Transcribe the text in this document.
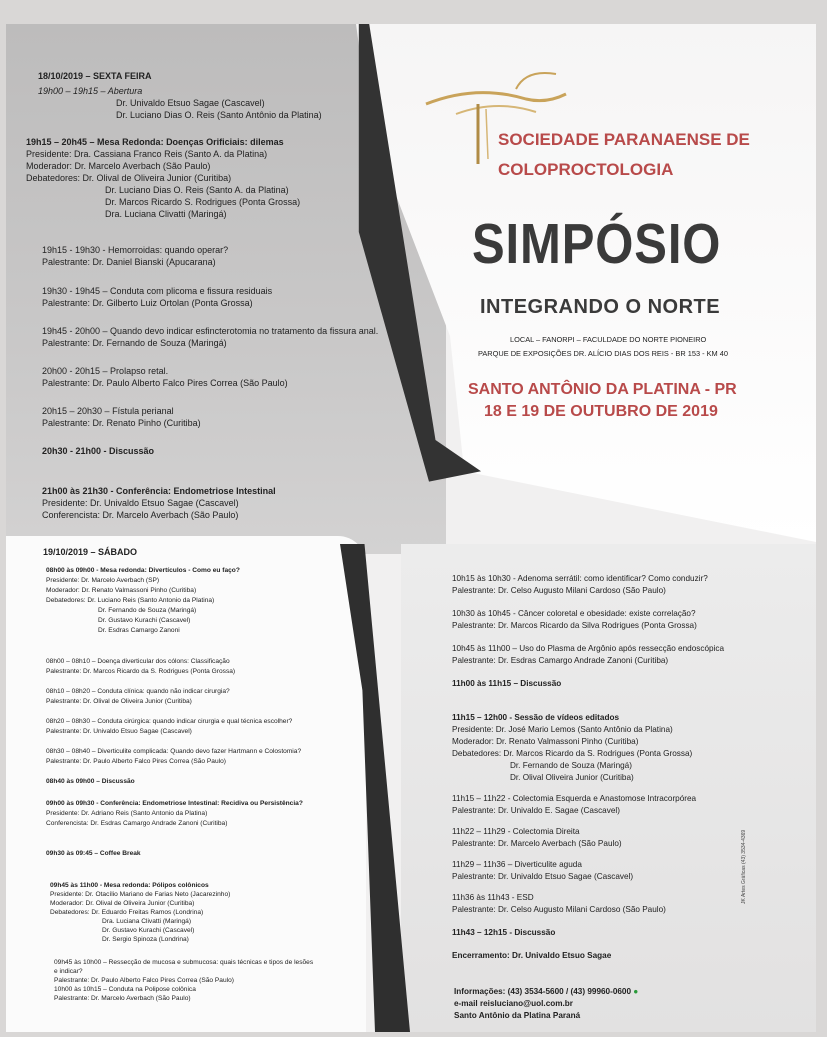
SOCIEDADE PARANAENSE DE
COLOPROCTOLOGIA
SIMPÓSIO
INTEGRANDO O NORTE
LOCAL – FANORPI – FACULDADE DO NORTE PIONEIRO
PARQUE DE EXPOSIÇÕES DR. ALÍCIO DIAS DOS REIS - BR 153 - KM 40
SANTO ANTÔNIO DA PLATINA - PR
18 E 19 DE OUTUBRO DE 2019
18/10/2019 – SEXTA FEIRA
19h00 – 19h15 – Abertura
Dr. Univaldo Etsuo Sagae (Cascavel)
Dr. Luciano Dias O. Reis (Santo Antônio da Platina)
19h15 – 20h45 – Mesa Redonda: Doenças Orificiais: dilemas
Presidente: Dra. Cassiana Franco Reis (Santo A. da Platina)
Moderador: Dr. Marcelo Averbach (São Paulo)
Debatedores: Dr. Olival de Oliveira Junior (Curitiba)
Dr. Luciano Dias O. Reis (Santo A. da Platina)
Dr. Marcos Ricardo S. Rodrigues (Ponta Grossa)
Dra. Luciana Clivatti (Maringá)
19h15 - 19h30 - Hemorroidas: quando operar?
Palestrante: Dr. Daniel Bianski (Apucarana)
19h30 - 19h45 – Conduta com plicoma e fissura residuais
Palestrante: Dr. Gilberto Luiz Ortolan (Ponta Grossa)
19h45 - 20h00 – Quando devo indicar esfincterotomia no tratamento da fissura anal.
Palestrante: Dr. Fernando de Souza (Maringá)
20h00 - 20h15 – Prolapso retal.
Palestrante: Dr. Paulo Alberto Falco Pires Correa (São Paulo)
20h15 – 20h30 – Fístula perianal
Palestrante: Dr. Renato Pinho (Curitiba)
20h30 - 21h00 - Discussão
21h00 às 21h30 - Conferência: Endometriose Intestinal
Presidente: Dr. Univaldo Etsuo Sagae (Cascavel)
Conferencista: Dr. Marcelo Averbach (São Paulo)
19/10/2019 – SÁBADO
08h00 às 09h00 - Mesa redonda: Divertículos - Como eu faço?
Presidente: Dr. Marcelo Averbach (SP)
Moderador: Dr. Renato Valmassoni Pinho (Curitiba)
Debatedores: Dr. Luciano Reis (Santo Antonio da Platina)
Dr. Fernando de Souza (Maringá)
Dr. Gustavo Kurachi (Cascavel)
Dr. Esdras Camargo Zanoni
08h00 – 08h10 – Doença diverticular dos cólons: Classificação
Palestrante: Dr. Marcos Ricardo da S. Rodrigues (Ponta Grossa)
08h10 – 08h20 – Conduta clínica: quando não indicar cirurgia?
Palestrante: Dr. Olival de Oliveira Junior (Curitiba)
08h20 – 08h30 – Conduta cirúrgica: quando indicar cirurgia e qual técnica escolher?
Palestrante: Dr. Univaldo Etsuo Sagae (Cascavel)
08h30 – 08h40 – Diverticulite complicada: Quando devo fazer Hartmann e Colostomia?
Palestrante: Dr. Paulo Alberto Falco Pires Correa (São Paulo)
08h40 às 09h00 – Discussão
09h00 às 09h30 - Conferência: Endometriose Intestinal: Recidiva ou Persistência?
Presidente: Dr. Adriano Reis (Santo Antonio da Platina)
Conferencista: Dr. Esdras Camargo Andrade Zanoni (Curitiba)
09h30 às 09:45 – Coffee Break
09h45 às 11h00 - Mesa redonda: Pólipos colônicos
Presidente: Dr. Otacílio Mariano de Farias Neto (Jacarezinho)
Moderador: Dr. Olival de Oliveira Junior (Curitiba)
Debatedores: Dr. Eduardo Freitas Ramos (Londrina)
Dra. Luciana Clivatti (Maringá)
Dr. Gustavo Kurachi (Cascavel)
Dr. Sergio Spinoza (Londrina)
09h45 às 10h00 – Ressecção de mucosa e submucosa: quais técnicas e tipos de lesões
e indicar?
Palestrante: Dr. Paulo Alberto Falco Pires Correa (São Paulo)
10h00 às 10h15 – Conduta na Polipose colônica
Palestrante: Dr. Marcelo Averbach (São Paulo)
10h15 às 10h30 - Adenoma serrátil: como identificar? Como conduzir?
Palestrante: Dr. Celso Augusto Milani Cardoso (São Paulo)
10h30 às 10h45 - Câncer coloretal e obesidade: existe correlação?
Palestrante: Dr. Marcos Ricardo da Silva Rodrigues (Ponta Grossa)
10h45 às 11h00 – Uso do Plasma de Argônio após ressecção endoscópica
Palestrante: Dr. Esdras Camargo Andrade Zanoni (Curitiba)
11h00 às 11h15 – Discussão
11h15 – 12h00 - Sessão de vídeos editados
Presidente: Dr. José Mario Lemos (Santo Antônio da Platina)
Moderador: Dr. Renato Valmassoni Pinho (Curitiba)
Debatedores: Dr. Marcos Ricardo da S. Rodrigues (Ponta Grossa)
Dr. Fernando de Souza (Maringá)
Dr. Olival Oliveira Junior (Curitiba)
11h15 – 11h22 - Colectomia Esquerda e Anastomose Intracorpórea
Palestrante: Dr. Univaldo E. Sagae (Cascavel)
11h22 – 11h29 - Colectomia Direita
Palestrante: Dr. Marcelo Averbach (São Paulo)
11h29 – 11h36 – Diverticulite aguda
Palestrante: Dr. Univaldo Etsuo Sagae (Cascavel)
11h36 às 11h43 - ESD
Palestrante: Dr. Celso Augusto Milani Cardoso (São Paulo)
11h43 – 12h15 - Discussão
Encerramento: Dr. Univaldo Etsuo Sagae
Informações: (43) 3534-5600 / (43) 99960-0600 ●
e-mail reisluciano@uol.com.br
Santo Antônio da Platina Paraná
JK Artes Gráficas (43) 3534-4369
